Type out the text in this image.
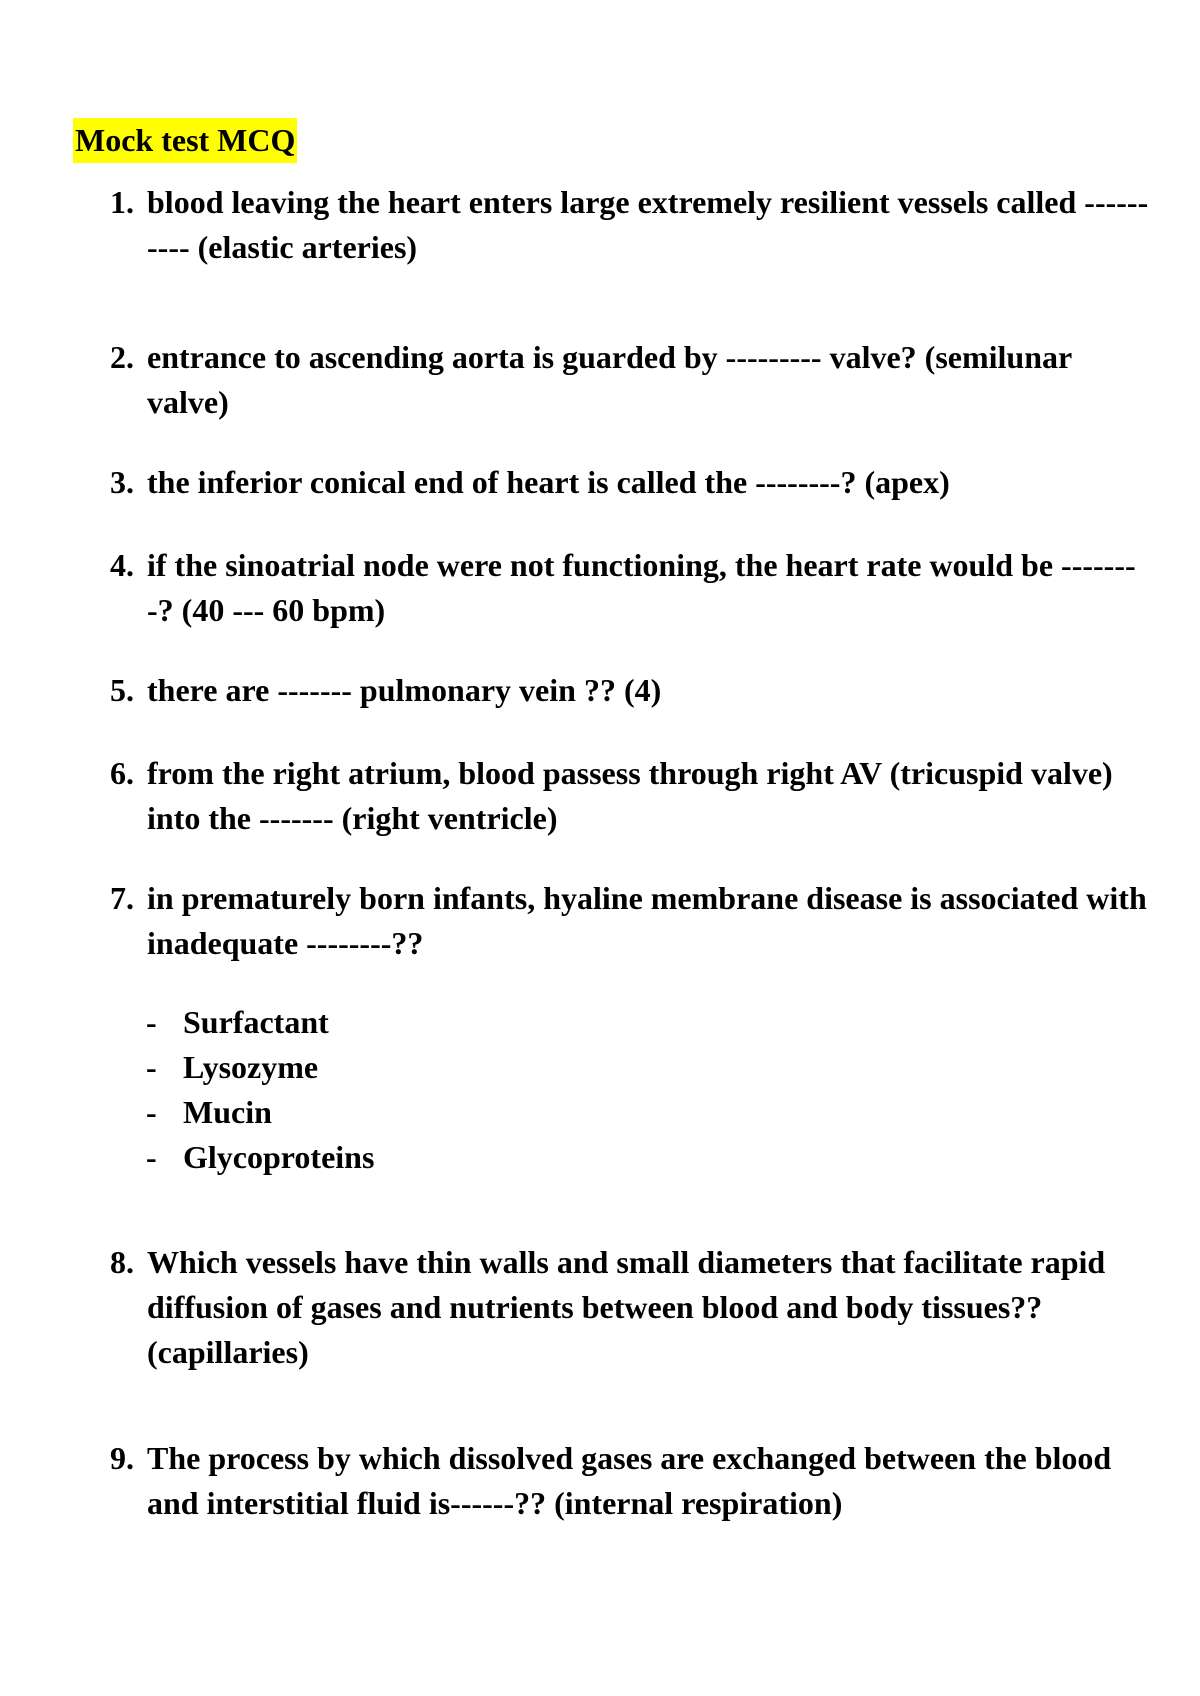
Mock test MCQ
1. blood leaving the heart enters large extremely resilient vessels called ---------- (elastic arteries)
2. entrance to ascending aorta is guarded by --------- valve? (semilunar valve)
3. the inferior conical end of heart is called the --------? (apex)
4. if the sinoatrial node were not functioning, the heart rate would be --------? (40 --- 60 bpm)
5. there are ------- pulmonary vein ?? (4)
6. from the right atrium, blood passess through right AV (tricuspid valve) into the ------- (right ventricle)
7. in prematurely born infants, hyaline membrane disease is associated with inadequate --------??
- Surfactant
- Lysozyme
- Mucin
- Glycoproteins
8. Which vessels have thin walls and small diameters that facilitate rapid diffusion of gases and nutrients between blood and body tissues?? (capillaries)
9. The process by which dissolved gases are exchanged between the blood and interstitial fluid is------?? (internal respiration)
